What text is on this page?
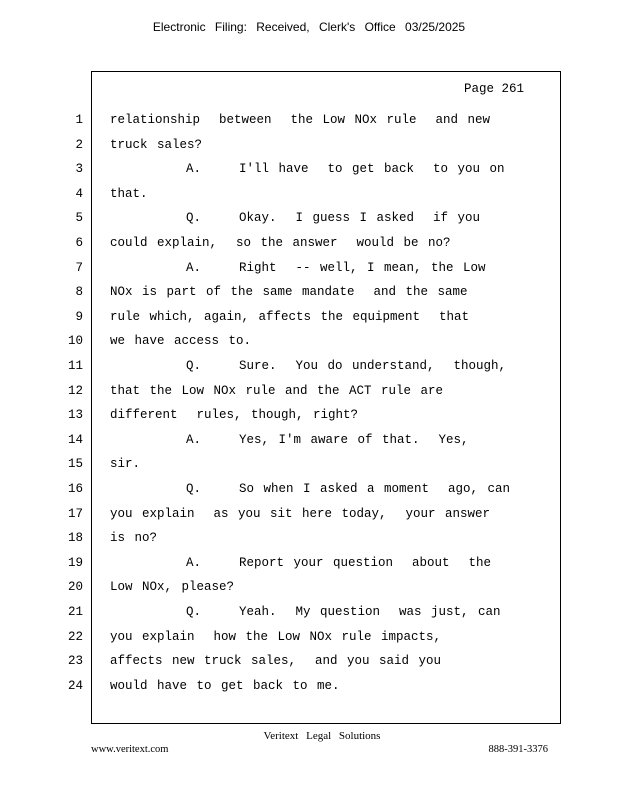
Electronic Filing: Received, Clerk's Office 03/25/2025
Page 261
1 relationship  between  the Low NOx rule  and new
2 truck sales?
3 A.    I'll have  to get back  to you on
4 that.
5 Q.    Okay.  I guess I asked  if you
6 could explain,  so the answer  would be no?
7 A.    Right  -- well, I mean, the Low
8 NOx is part of the same mandate  and the same
9 rule which, again, affects the equipment  that
10 we have access to.
11 Q.    Sure.  You do understand,  though,
12 that the Low NOx rule and the ACT rule are
13 different  rules, though, right?
14 A.    Yes, I'm aware of that.  Yes,
15 sir.
16 Q.    So when I asked a moment  ago, can
17 you explain  as you sit here today,  your answer
18 is no?
19 A.    Report your question  about  the
20 Low NOx, please?
21 Q.    Yeah.  My question  was just, can
22 you explain  how the Low NOx rule impacts,
23 affects new truck sales,  and you said you
24 would have to get back to me.
Veritext Legal Solutions
www.veritext.com	888-391-3376
